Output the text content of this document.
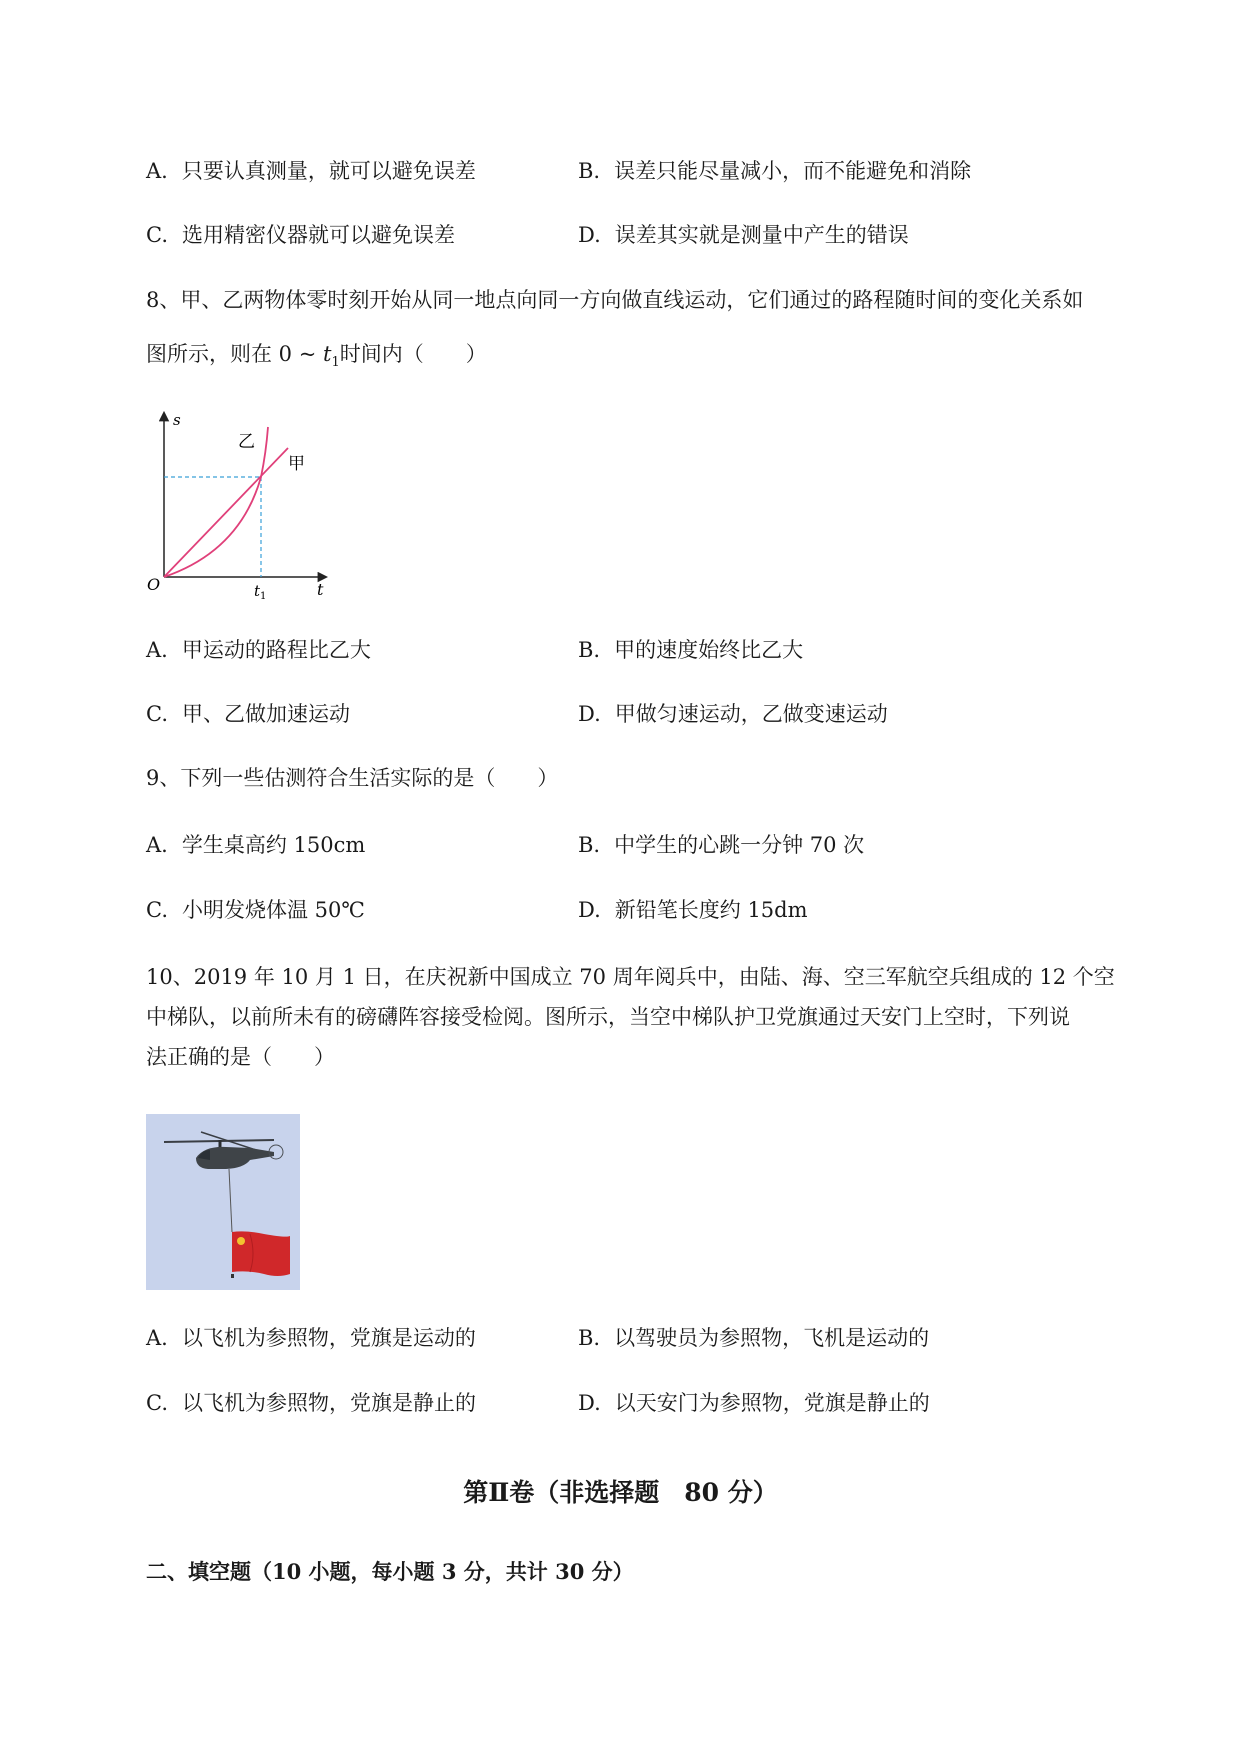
A. 只要认真测量，就可以避免误差	B. 误差只能尽量减小，而不能避免和消除
C. 选用精密仪器就可以避免误差	D. 误差其实就是测量中产生的错误
8、甲、乙两物体零时刻开始从同一地点向同一方向做直线运动，它们通过的路程随时间的变化关系如
图所示，则在 0 ~ $t_1$时间内（　　）
s
乙
甲
O	t
$t_1$
A. 甲运动的路程比乙大	B. 甲的速度始终比乙大
C. 甲、乙做加速运动	D. 甲做匀速运动，乙做变速运动
9、下列一些估测符合生活实际的是（　　）
A. 学生桌高约 150cm	B. 中学生的心跳一分钟 70 次
C. 小明发烧体温 50℃	D. 新铅笔长度约 15dm
10、2019 年 10 月 1 日，在庆祝新中国成立 70 周年阅兵中，由陆、海、空三军航空兵组成的 12 个空
中梯队，以前所未有的磅礴阵容接受检阅。图所示，当空中梯队护卫党旗通过天安门上空时，下列说
法正确的是（　　）
A. 以飞机为参照物，党旗是运动的	B. 以驾驶员为参照物，飞机是运动的
C. 以飞机为参照物，党旗是静止的	D. 以天安门为参照物，党旗是静止的
第Ⅱ卷（非选择题　80 分）
二、填空题（10 小题，每小题 3 分，共计 30 分）
